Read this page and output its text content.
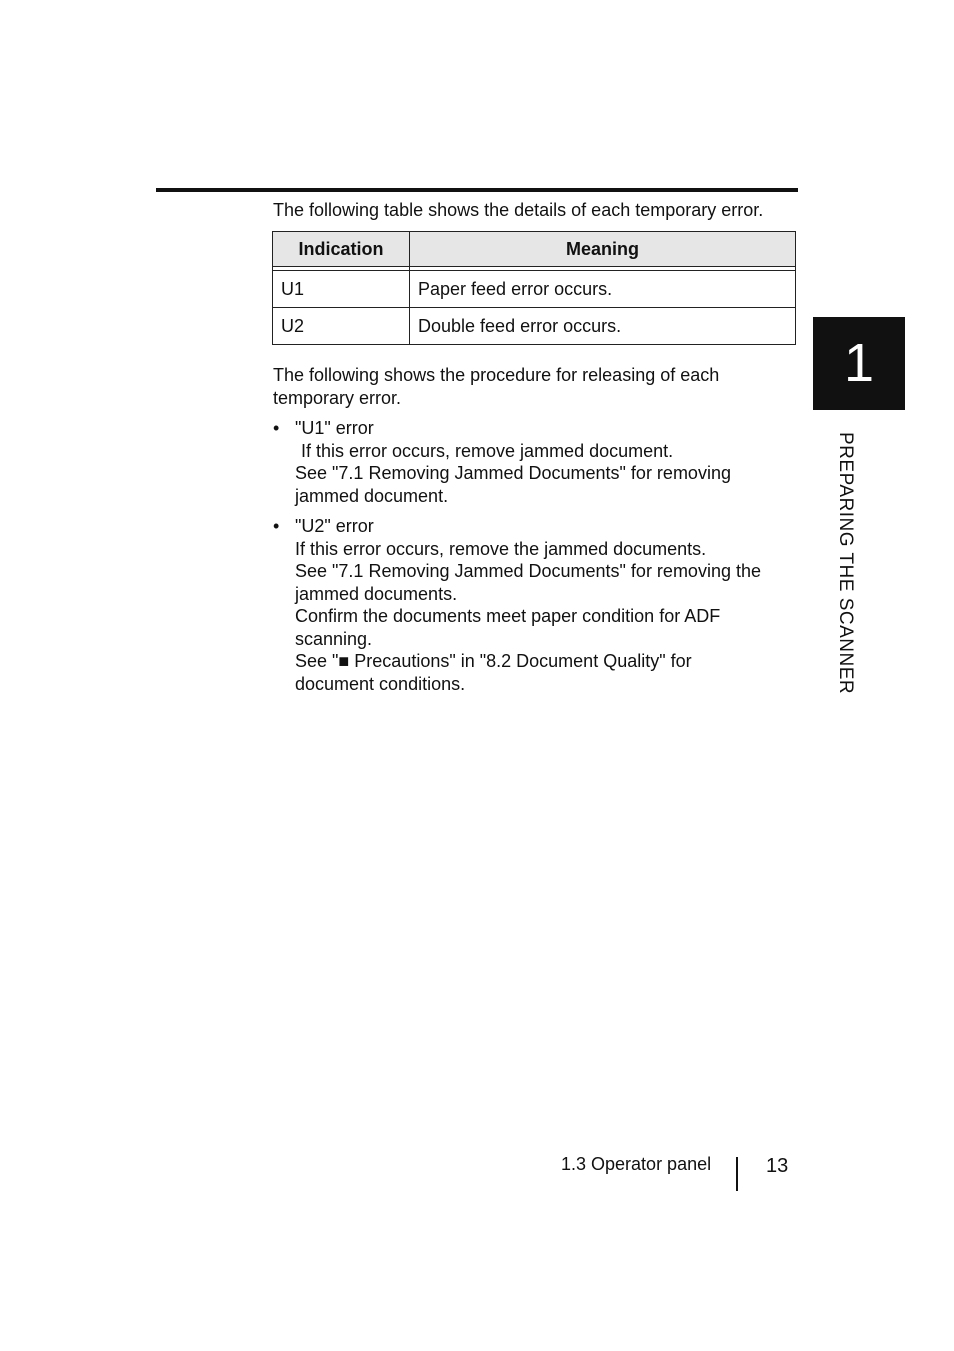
The following table shows the details of each temporary error.
Indication	Meaning

U1	Paper feed error occurs.
U2	Double feed error occurs.

The following shows the procedure for releasing of each

temporary error.

• "U1" error
If this error occurs, remove jammed document.
See "7.1 Removing Jammed Documents" for removing
jammed document.
• "U2" error
If this error occurs, remove the jammed documents.
See "7.1 Removing Jammed Documents" for removing the
jammed documents.
Confirm the documents meet paper condition for ADF
scanning.
See "■ Precautions" in "8.2 Document Quality" for
document conditions.
1
PREPARING THE SCANNER
1.3 Operator panel	13
